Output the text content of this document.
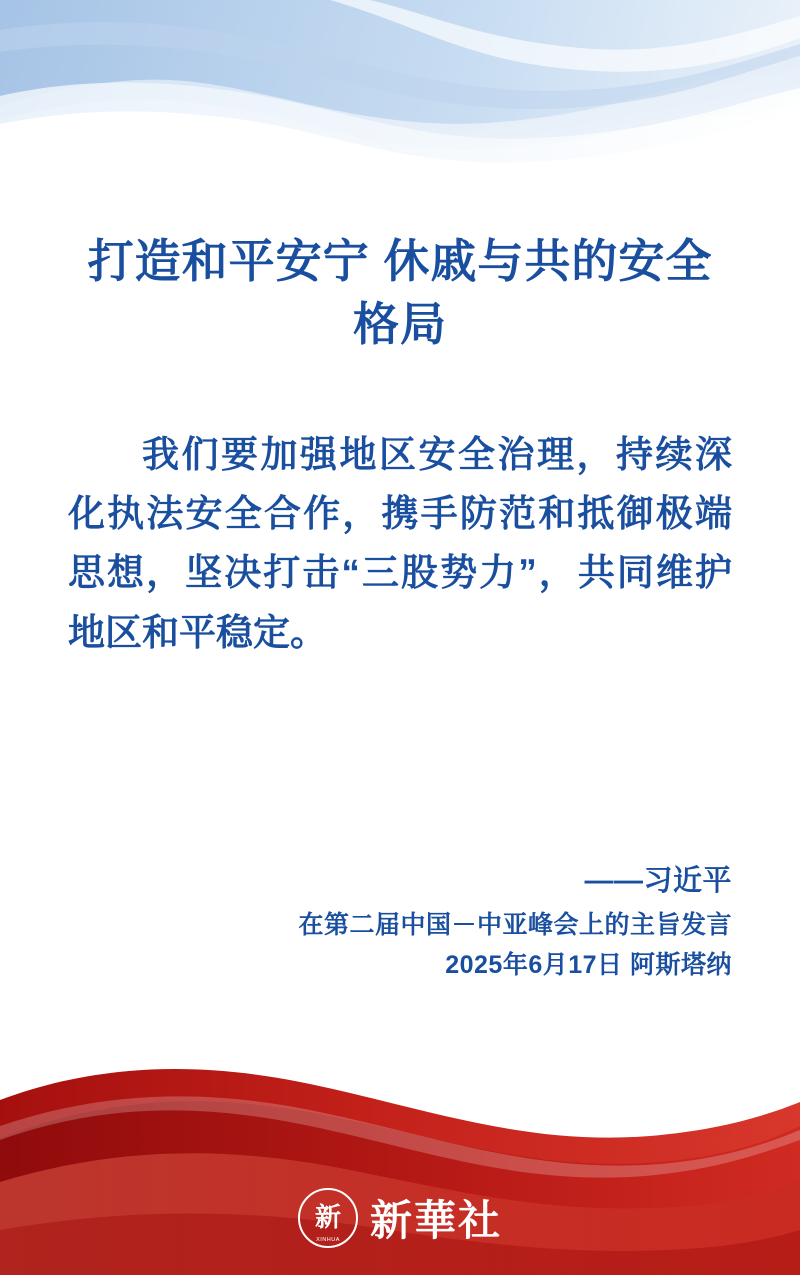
打造和平安宁 休戚与共的安全格局
我们要加强地区安全治理，持续深化执法安全合作，携手防范和抵御极端思想，坚决打击“三股势力”，共同维护地区和平稳定。
——习近平
在第二届中国－中亚峰会上的主旨发言
2025年6月17日 阿斯塔纳
新
XINHUA 新華社
